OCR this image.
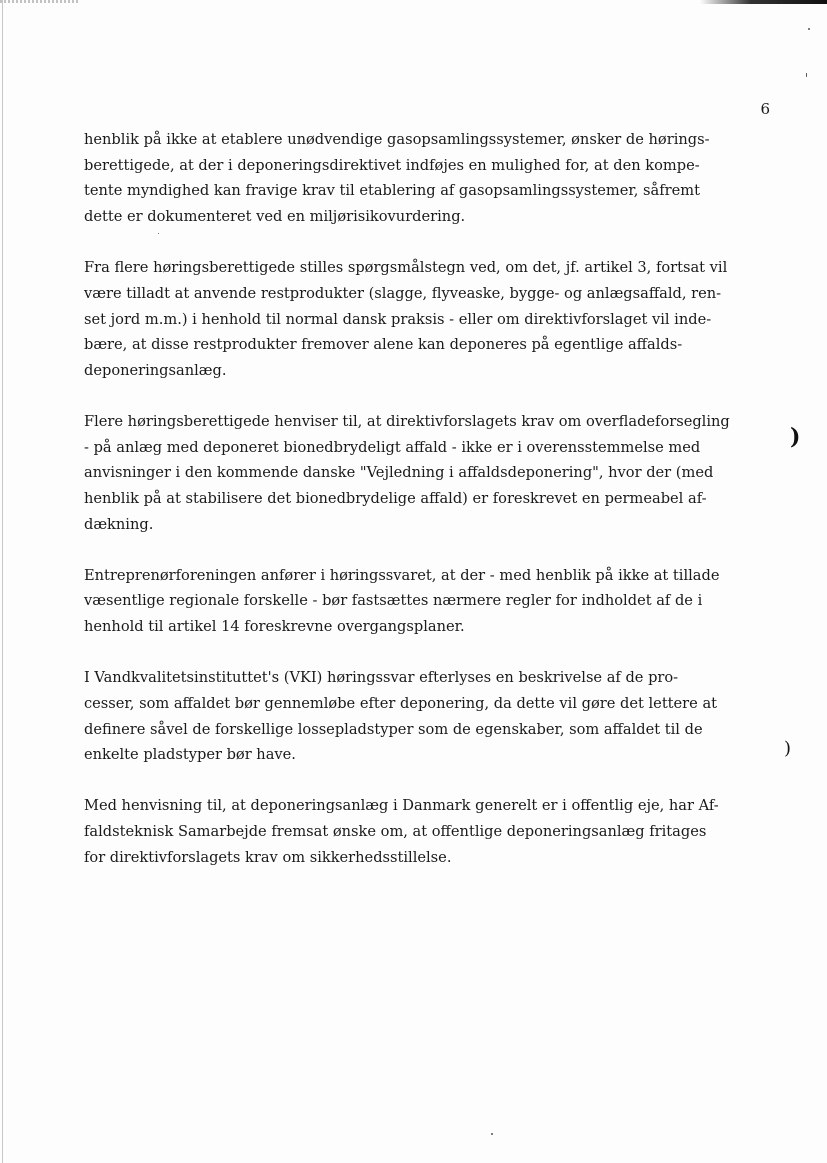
6

henblik på ikke at etablere unødvendige gasopsamlingssystemer, ønsker de hørings-
berettigede, at der i deponeringsdirektivet indføjes en mulighed for, at den kompe-
tente myndighed kan fravige krav til etablering af gasopsamlingssystemer, såfremt
dette er dokumenteret ved en miljørisikovurdering.

Fra flere høringsberettigede stilles spørgsmålstegn ved, om det, jf. artikel 3, fortsat vil
være tilladt at anvende restprodukter (slagge, flyveaske, bygge- og anlægsaffald, ren-
set jord m.m.) i henhold til normal dansk praksis - eller om direktivforslaget vil inde-
bære, at disse restprodukter fremover alene kan deponeres på egentlige affalds-
deponeringsanlæg.

Flere høringsberettigede henviser til, at direktivforslagets krav om overfladeforsegling
- på anlæg med deponeret bionedbrydeligt affald - ikke er i overensstemmelse med
anvisninger i den kommende danske "Vejledning i affaldsdeponering", hvor der (med
henblik på at stabilisere det bionedbrydelige affald) er foreskrevet en permeabel af-
dækning.

Entreprenørforeningen anfører i høringssvaret, at der - med henblik på ikke at tillade
væsentlige regionale forskelle - bør fastsættes nærmere regler for indholdet af de i
henhold til artikel 14 foreskrevne overgangsplaner.

I Vandkvalitetsinstituttet's (VKI) høringssvar efterlyses en beskrivelse af de pro-
cesser, som affaldet bør gennemløbe efter deponering, da dette vil gøre det lettere at
definere såvel de forskellige lossepladstyper som de egenskaber, som affaldet til de
enkelte pladstyper bør have.

Med henvisning til, at deponeringsanlæg i Danmark generelt er i offentlig eje, har Af-
faldsteknisk Samarbejde fremsat ønske om, at offentlige deponeringsanlæg fritages
for direktivforslagets krav om sikkerhedsstillelse.

)
)
